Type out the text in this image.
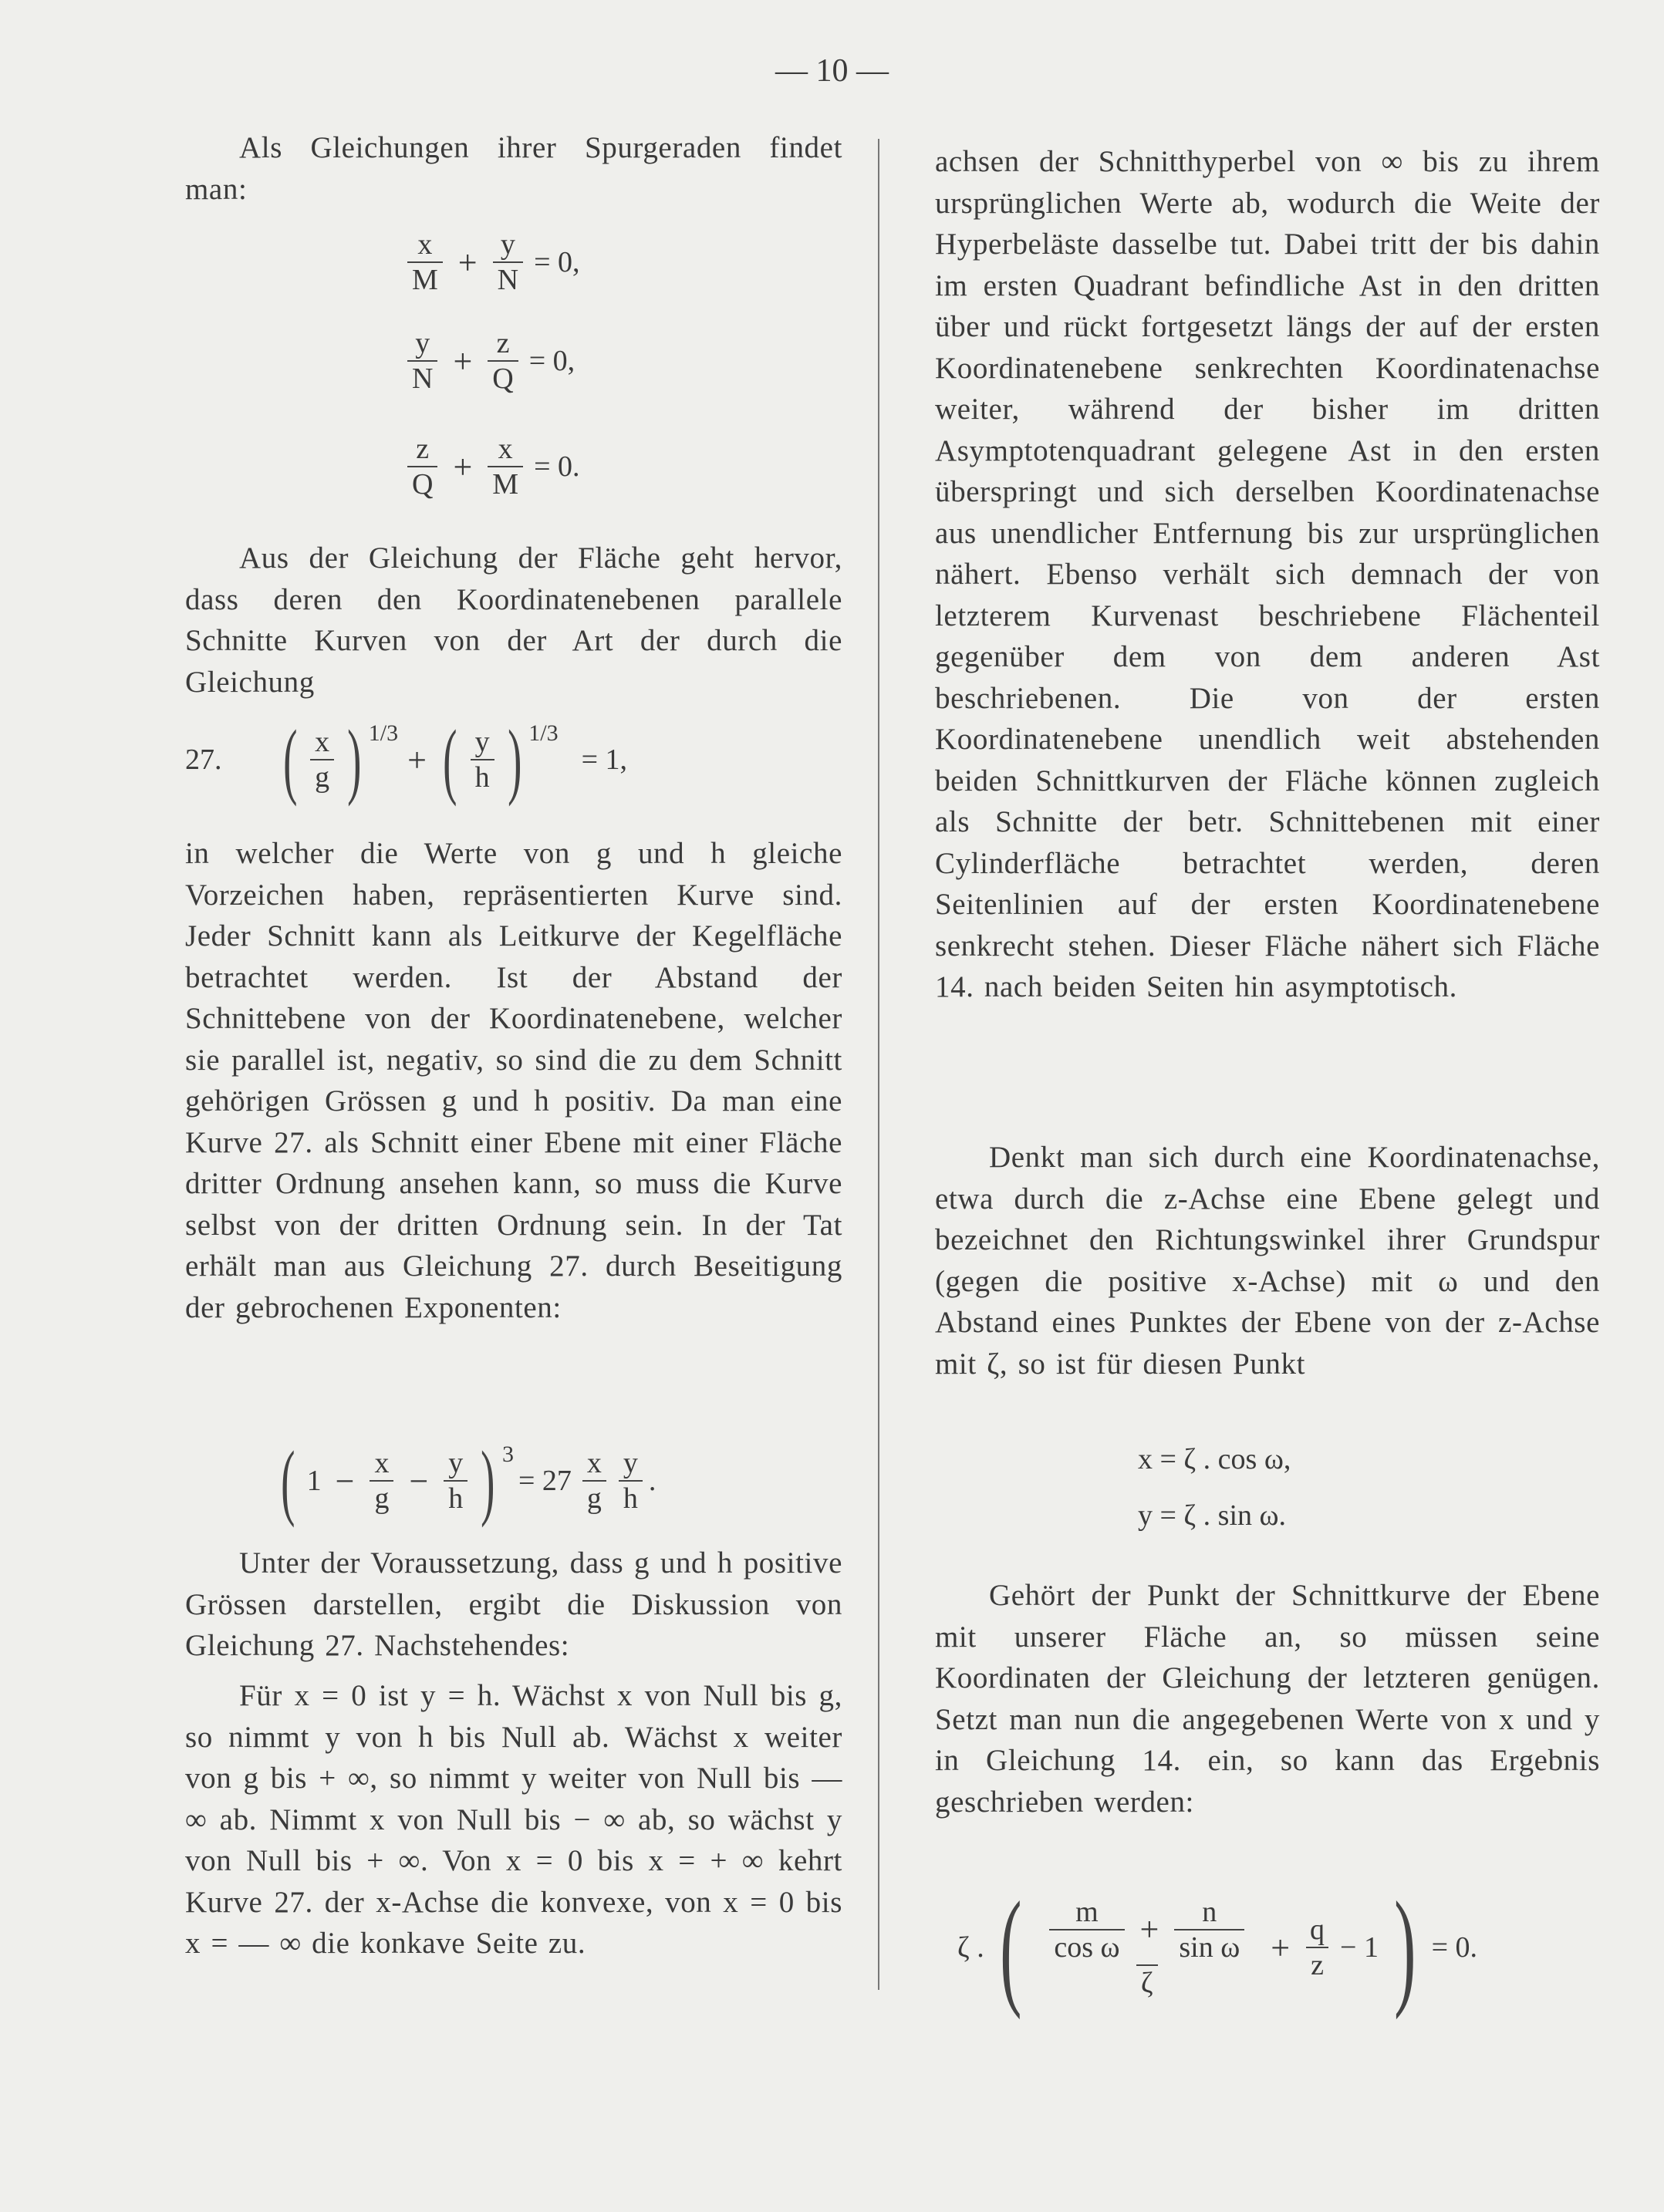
— 10 —

Als Gleichungen ihrer Spurgeraden findet man:

$\frac{x}{M} + \frac{y}{N} = 0$,
$\frac{y}{N} + \frac{z}{Q} = 0$,
$\frac{z}{Q} + \frac{x}{M} = 0$.

Aus der Gleichung der Fläche geht hervor, dass deren den Koordinatenebenen parallele Schnitte Kurven von der Art der durch die Gleichung

27. ( $\frac{x}{g}$ ) 1/3
+ ( $\frac{y}{h}$ ) 1/3
= 1,

in welcher die Werte von g und h gleiche Vorzeichen haben, repräsentierten Kurve sind. Jeder Schnitt kann als Leitkurve der Kegelfläche betrachtet werden. Ist der Abstand der Schnittebene von der Koordinatenebene, welcher sie parallel ist, negativ, so sind die zu dem Schnitt gehörigen Grössen g und h positiv. Da man eine Kurve 27. als Schnitt einer Ebene mit einer Fläche dritter Ordnung ansehen kann, so muss die Kurve selbst von der dritten Ordnung sein. In der Tat erhält man aus Gleichung 27. durch Beseitigung der gebrochenen Exponenten:

( $1 - \frac{x}{g} - \frac{y}{h}$ ) 3
= $27 \frac{x}{g} \frac{y}{h}$ .

Unter der Voraussetzung, dass g und h positive Grössen darstellen, ergibt die Diskussion von Gleichung 27. Nachstehendes:

Für x = 0 ist y = h. Wächst x von Null bis g, so nimmt y von h bis Null ab. Wächst x weiter von g bis + ∞, so nimmt y weiter von Null bis — ∞ ab. Nimmt x von Null bis − ∞ ab, so wächst y von Null bis + ∞. Von x = 0 bis x = + ∞ kehrt Kurve 27. der x-Achse die konvexe, von x = 0 bis x = — ∞ die konkave Seite zu.

achsen der Schnitthyperbel von ∞ bis zu ihrem ursprünglichen Werte ab, wodurch die Weite der Hyperbeläste dasselbe tut. Dabei tritt der bis dahin im ersten Quadrant befindliche Ast in den dritten über und rückt fortgesetzt längs der auf der ersten Koordinatenebene senkrechten Koordinatenachse weiter, während der bisher im dritten Asymptotenquadrant gelegene Ast in den ersten überspringt und sich derselben Koordinatenachse aus unendlicher Entfernung bis zur ursprünglichen nähert. Ebenso verhält sich demnach der von letzterem Kurvenast beschriebene Flächenteil gegenüber dem von dem anderen Ast beschriebenen. Die von der ersten Koordinatenebene unendlich weit abstehenden beiden Schnittkurven der Fläche können zugleich als Schnitte der betr. Schnittebenen mit einer Cylinderfläche betrachtet werden, deren Seitenlinien auf der ersten Koordinatenebene senkrecht stehen. Dieser Fläche nähert sich Fläche 14. nach beiden Seiten hin asymptotisch.

Denkt man sich durch eine Koordinatenachse, etwa durch die z-Achse eine Ebene gelegt und bezeichnet den Richtungswinkel ihrer Grundspur (gegen die positive x-Achse) mit ω und den Abstand eines Punktes der Ebene von der z-Achse mit ζ, so ist für diesen Punkt

x = ζ . cos ω,
y = ζ . sin ω.

Gehört der Punkt der Schnittkurve der Ebene mit unserer Fläche an, so müssen seine Koordinaten der Gleichung der letzteren genügen. Setzt man nun die angegebenen Werte von x und y in Gleichung 14. ein, so kann das Ergebnis geschrieben werden:

ζ . ( $\frac{\frac{m}{\text{cos ω}} + \frac{n}{\text{sin ω}}}{\zeta} + \frac{q}{z} - 1$ ) = 0.
